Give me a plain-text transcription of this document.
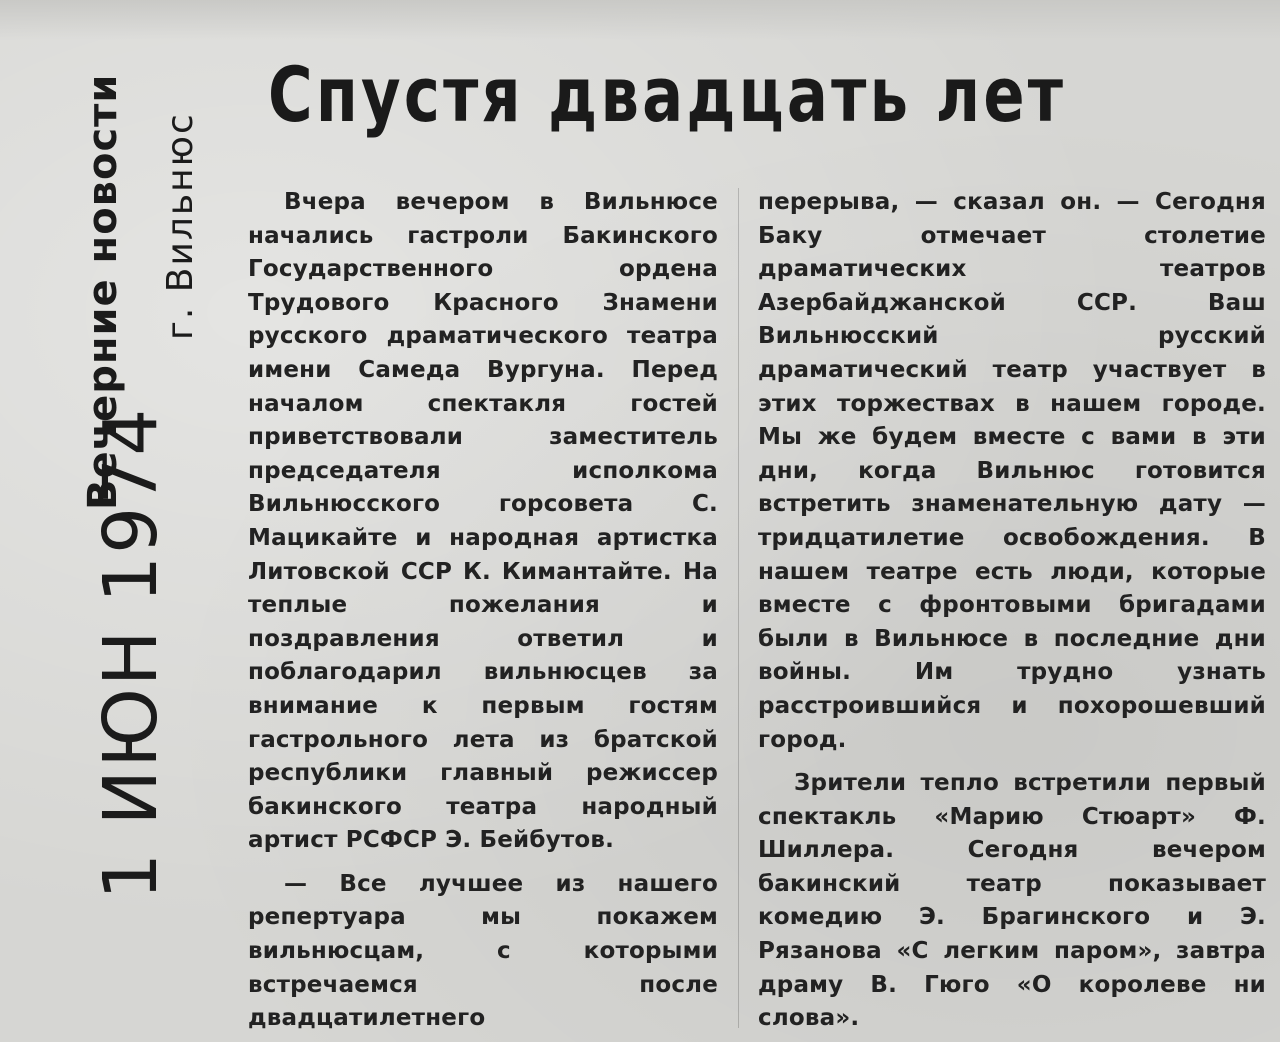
Вечерние новости г. Вильнюс
1 ИЮН 1974
Спустя двадцать лет

Вчера вечером в Вильнюсе начались гастроли Бакинского Государственного ордена Трудового Красного Знамени русского драматического театра имени Самеда Вургуна. Перед началом спектакля гостей приветствовали заместитель председателя исполкома Вильнюсского горсовета С. Мацикайте и народная артистка Литовской ССР К. Кимантайте. На теплые пожелания и поздравления ответил и поблагодарил вильнюсцев за внимание к первым гостям гастрольного лета из братской республики главный режиссер бакинского театра народный артист РСФСР Э. Бейбутов.

— Все лучшее из нашего репертуара мы покажем вильнюсцам, с которыми встречаемся после двадцатилетнего

перерыва, — сказал он. — Сегодня Баку отмечает столетие драматических театров Азербайджанской ССР. Ваш Вильнюсский русский драматический театр участвует в этих торжествах в нашем городе. Мы же будем вместе с вами в эти дни, когда Вильнюс готовится встретить знаменательную дату — тридцатилетие освобождения. В нашем театре есть люди, которые вместе с фронтовыми бригадами были в Вильнюсе в последние дни войны. Им трудно узнать расстроившийся и похорошевший город.

Зрители тепло встретили первый спектакль «Марию Стюарт» Ф. Шиллера. Сегодня вечером бакинский театр показывает комедию Э. Брагинского и Э. Рязанова «С легким паром», завтра драму В. Гюго «О королеве ни слова».
